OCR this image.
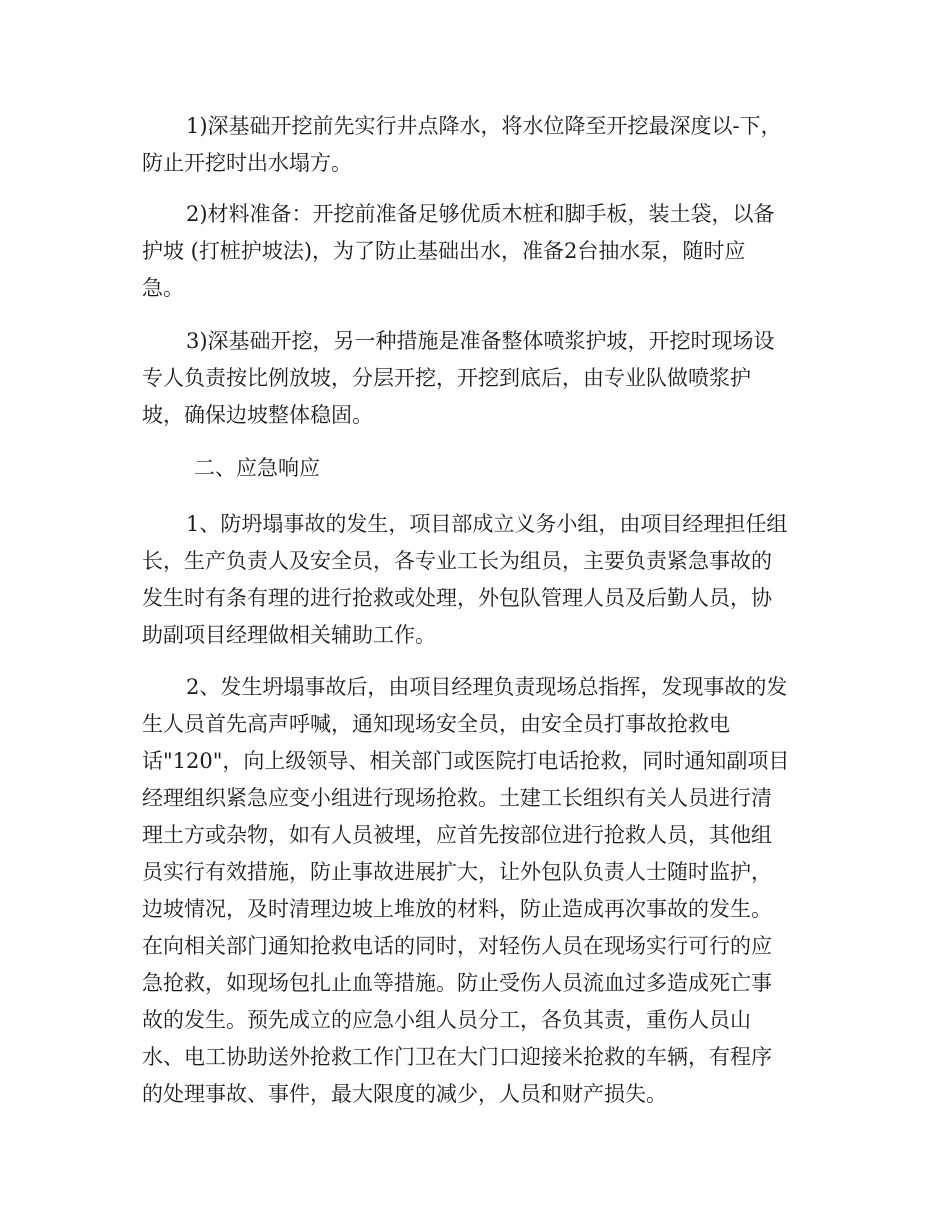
1)深基础开挖前先实行井点降水，将水位降至开挖最深度以-下，
防止开挖时出水塌方。
2)材料准备：开挖前准备足够优质木桩和脚手板，装土袋，以备
护坡 (打桩护坡法)，为了防止基础出水，准备2台抽水泵，随时应
急。
3)深基础开挖，另一种措施是准备整体喷浆护坡，开挖时现场设
专人负责按比例放坡，分层开挖，开挖到底后，由专业队做喷浆护
坡，确保边坡整体稳固。

二、应急响应

1、防坍塌事故的发生，项目部成立义务小组，由项目经理担任组
长，生产负责人及安全员，各专业工长为组员，主要负责紧急事故的
发生时有条有理的进行抢救或处理，外包队管理人员及后勤人员，协
助副项目经理做相关辅助工作。
2、发生坍塌事故后，由项目经理负责现场总指挥，发现事故的发
生人员首先高声呼喊，通知现场安全员，由安全员打事故抢救电
话"120"，向上级领导、相关部门或医院打电话抢救，同时通知副项目
经理组织紧急应变小组进行现场抢救。土建工长组织有关人员进行清
理土方或杂物，如有人员被埋，应首先按部位进行抢救人员，其他组
员实行有效措施，防止事故进展扩大，让外包队负责人士随时监护，
边坡情况，及时清理边坡上堆放的材料，防止造成再次事故的发生。
在向相关部门通知抢救电话的同时，对轻伤人员在现场实行可行的应
急抢救，如现场包扎止血等措施。防止受伤人员流血过多造成死亡事
故的发生。预先成立的应急小组人员分工，各负其责，重伤人员山
水、电工协助送外抢救工作门卫在大门口迎接米抢救的车辆，有程序
的处理事故、事件，最大限度的减少，人员和财产损失。
